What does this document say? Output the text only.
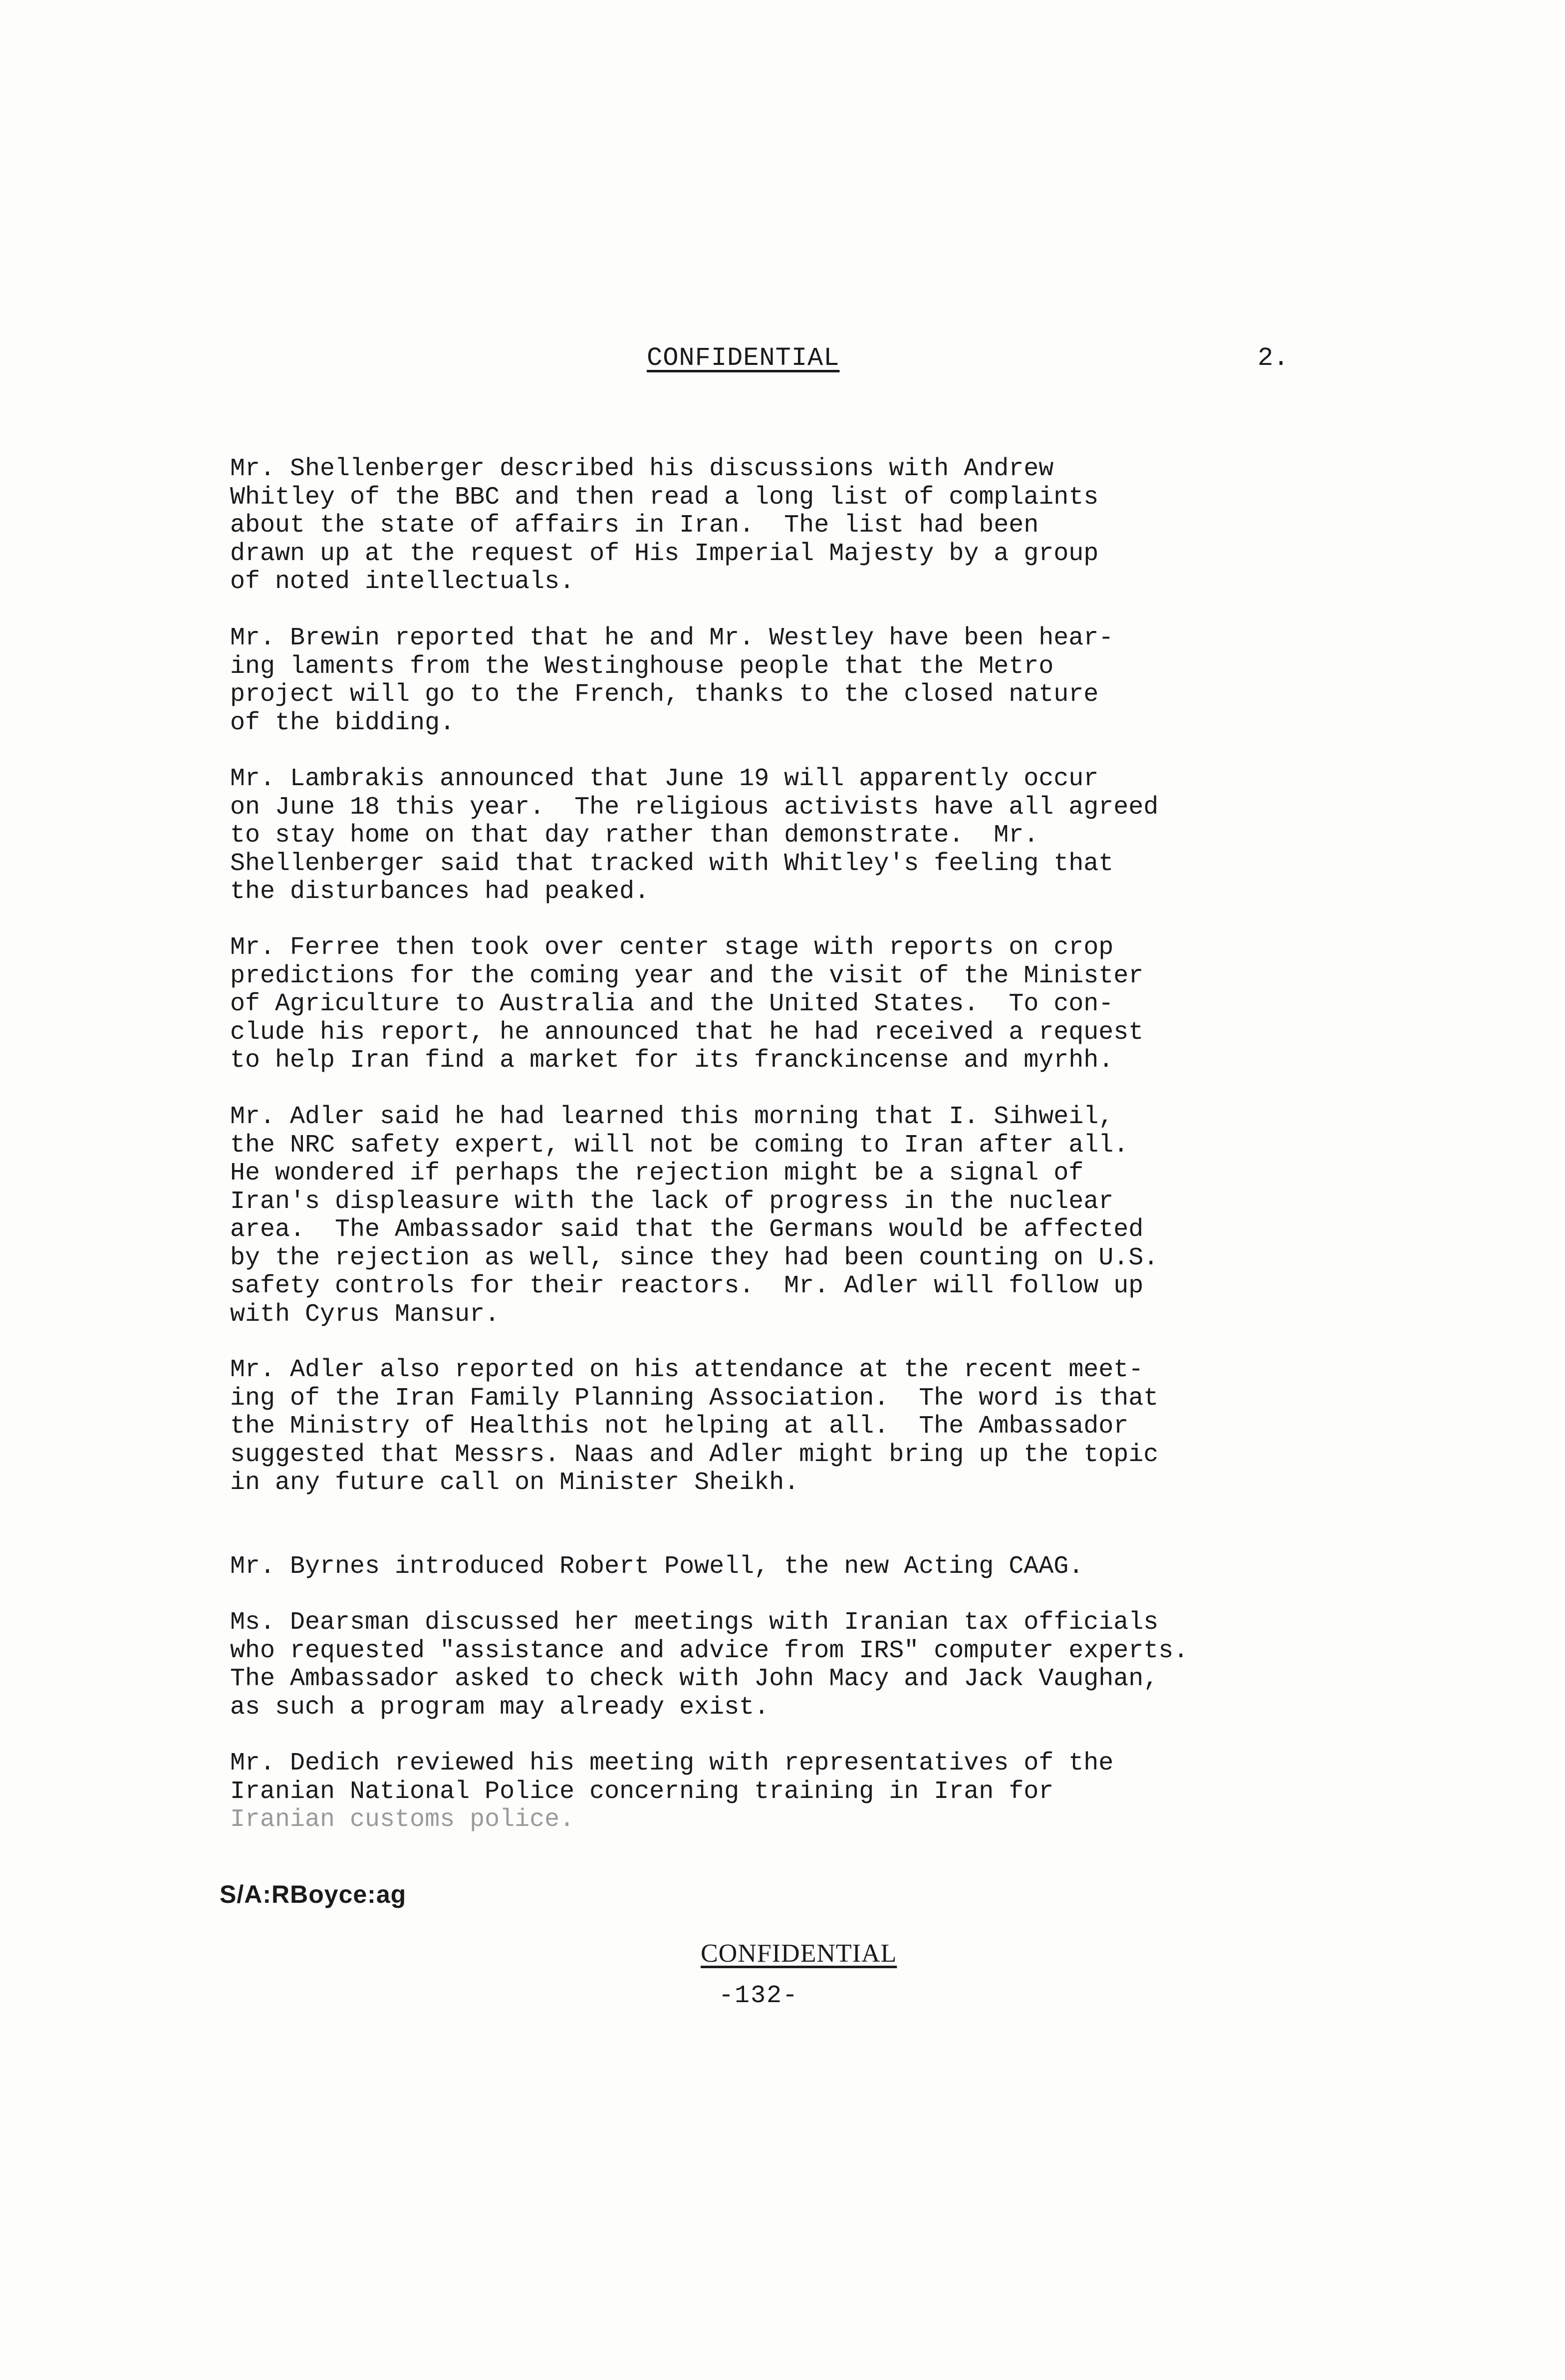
CONFIDENTIAL	2.

Mr. Shellenberger described his discussions with Andrew
Whitley of the BBC and then read a long list of complaints
about the state of affairs in Iran.  The list had been
drawn up at the request of His Imperial Majesty by a group
of noted intellectuals.

Mr. Brewin reported that he and Mr. Westley have been hear-
ing laments from the Westinghouse people that the Metro
project will go to the French, thanks to the closed nature
of the bidding.

Mr. Lambrakis announced that June 19 will apparently occur
on June 18 this year.  The religious activists have all agreed
to stay home on that day rather than demonstrate.  Mr.
Shellenberger said that tracked with Whitley's feeling that
the disturbances had peaked.

Mr. Ferree then took over center stage with reports on crop
predictions for the coming year and the visit of the Minister
of Agriculture to Australia and the United States.  To con-
clude his report, he announced that he had received a request
to help Iran find a market for its franckincense and myrhh.

Mr. Adler said he had learned this morning that I. Sihweil,
the NRC safety expert, will not be coming to Iran after all.
He wondered if perhaps the rejection might be a signal of
Iran's displeasure with the lack of progress in the nuclear
area.  The Ambassador said that the Germans would be affected
by the rejection as well, since they had been counting on U.S.
safety controls for their reactors.  Mr. Adler will follow up
with Cyrus Mansur.

Mr. Adler also reported on his attendance at the recent meet-
ing of the Iran Family Planning Association.  The word is that
the Ministry of Healthis not helping at all.  The Ambassador
suggested that Messrs. Naas and Adler might bring up the topic
in any future call on Minister Sheikh.

Mr. Byrnes introduced Robert Powell, the new Acting CAAG.

Ms. Dearsman discussed her meetings with Iranian tax officials
who requested "assistance and advice from IRS" computer experts.
The Ambassador asked to check with John Macy and Jack Vaughan,
as such a program may already exist.

Mr. Dedich reviewed his meeting with representatives of the
Iranian National Police concerning training in Iran for

Iranian customs police.

S/A:RBoyce:ag
CONFIDENTIAL
-132-
